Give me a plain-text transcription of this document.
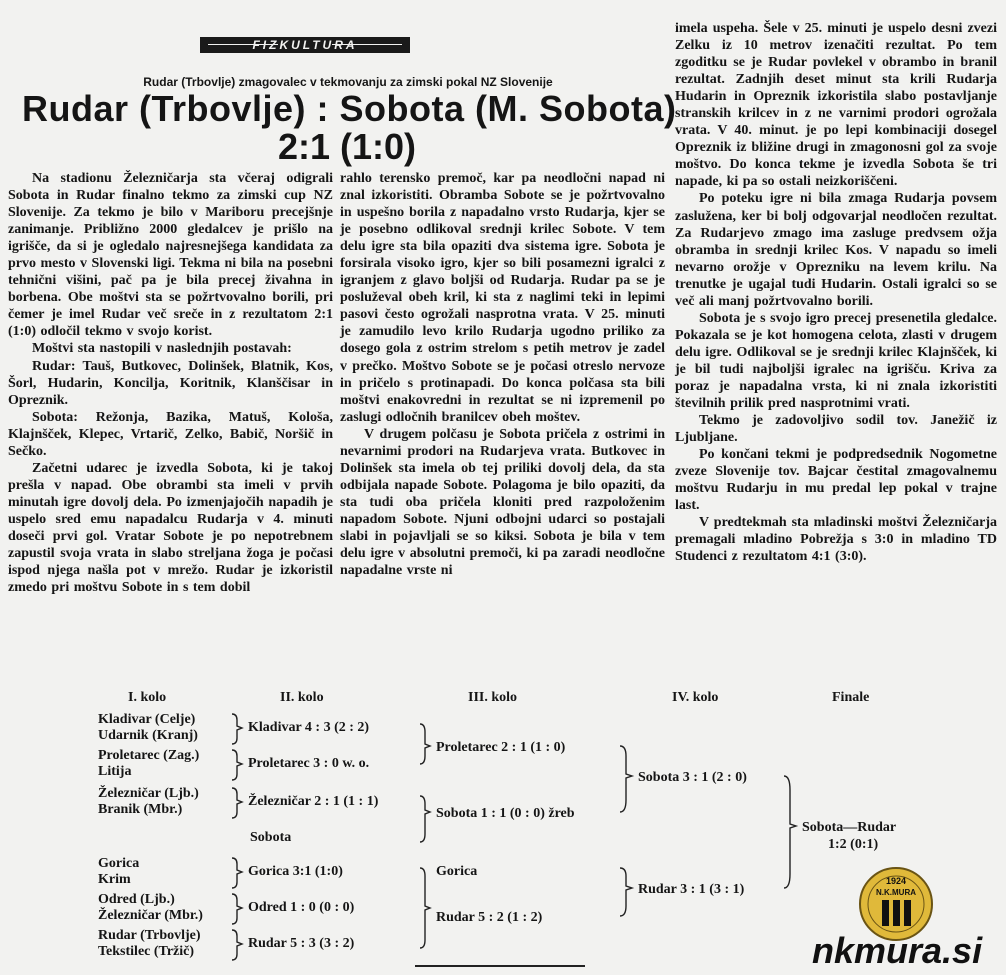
FIZKULTURA
Rudar (Trbovlje) zmagovalec v tekmovanju za zimski pokal NZ Slovenije
Rudar (Trbovlje) : Sobota (M. Sobota)
2:1 (1:0)

Na stadionu Železničarja sta včeraj odigrali Sobota in Rudar finalno tekmo za zimski cup NZ Slovenije. Za tekmo je bilo v Mariboru precejšnje zanimanje. Približno 2000 gledalcev je prišlo na igrišče, da si je ogledalo najresnejšega kandidata za prvo mesto v Slovenski ligi. Tekma ni bila na posebni tehnični višini, pač pa je bila precej živahna in borbena. Obe moštvi sta se požrtvovalno borili, pri čemer je imel Rudar več sreče in z rezultatom 2:1 (1:0) odločil tekmo v svojo korist.

Moštvi sta nastopili v naslednjih postavah:

Rudar: Tauš, Butkovec, Dolinšek, Blatnik, Kos, Šorl, Hudarin, Koncilja, Koritnik, Klanščisar in Opreznik.

Sobota: Režonja, Bazika, Matuš, Kološa, Klajnšček, Klepec, Vrtarič, Zelko, Babič, Noršič in Sečko.

Začetni udarec je izvedla Sobota, ki je takoj prešla v napad. Obe obrambi sta imeli v prvih minutah igre dovolj dela. Po izmenjajočih napadih je uspelo sred emu napadalcu Rudarja v 4. minuti doseči prvi gol. Vratar Sobote je po nepotrebnem zapustil svoja vrata in slabo streljana žoga je počasi ispod njega našla pot v mrežo. Rudar je izkoristil zmedo pri moštvu Sobote in s tem dobil

rahlo terensko premoč, kar pa neodločni napad ni znal izkoristiti. Obramba Sobote se je požrtvovalno in uspešno borila z napadalno vrsto Rudarja, kjer se je posebno odlikoval srednji krilec Sobote. V tem delu igre sta bila opaziti dva sistema igre. Sobota je forsirala visoko igro, kjer so bili posamezni igralci z igranjem z glavo boljši od Rudarja. Rudar pa se je posluževal obeh kril, ki sta z naglimi teki in lepimi pasovi često ogrožali nasprotna vrata. V 25. minuti je zamudilo levo krilo Rudarja ugodno priliko za dosego gola z ostrim strelom s petih metrov je zadel v prečko. Moštvo Sobote se je počasi otreslo nervoze in pričelo s protinapadi. Do konca polčasa sta bili moštvi enakovredni in rezultat se ni izpremenil po zaslugi odločnih branilcev obeh moštev.

V drugem polčasu je Sobota pričela z ostrimi in nevarnimi prodori na Rudarjeva vrata. Butkovec in Dolinšek sta imela ob tej priliki dovolj dela, da sta odbijala napade Sobote. Polagoma je bilo opaziti, da sta tudi oba pričela kloniti pred razpoloženim napadom Sobote. Njuni odbojni udarci so postajali slabi in pojavljali se so kiksi. Sobota je bila v tem delu igre v absolutni premoči, ki pa zaradi neodločne napadalne vrste ni

imela uspeha. Šele v 25. minuti je uspelo desni zvezi Zelku iz 10 metrov izenačiti rezultat. Po tem zgoditku se je Rudar povlekel v obrambo in branil rezultat. Zadnjih deset minut sta krili Rudarja Hudarin in Opreznik izkoristila slabo postavljanje stranskih krilcev in z ne varnimi prodori ogrožala vrata. V 40. minut. je po lepi kombinaciji dosegel Opreznik iz bližine drugi in zmagonosni gol za svoje moštvo. Do konca tekme je izvedla Sobota še tri napade, ki pa so ostali neizkoriščeni.

Po poteku igre ni bila zmaga Rudarja povsem zaslužena, ker bi bolj odgovarjal neodločen rezultat. Za Rudarjevo zmago ima zasluge predvsem ožja obramba in srednji krilec Kos. V napadu so imeli nevarno orožje v Oprezniku na levem krilu. Na trenutke je ugajal tudi Hudarin. Ostali igralci so se več ali manj požrtvovalno borili.

Sobota je s svojo igro precej presenetila gledalce. Pokazala se je kot homogena celota, zlasti v drugem delu igre. Odlikoval se je srednji krilec Klajnšček, ki je bil tudi najboljši igralec na igrišču. Kriva za poraz je napadalna vrsta, ki ni znala izkoristiti številnih prilik pred nasprotnimi vrati.

Tekmo je zadovoljivo sodil tov. Janežič iz Ljubljane.

Po končani tekmi je podpredsednik Nogometne zveze Slovenije tov. Bajcar čestital zmagovalnemu moštvu Rudarju in mu predal lep pokal v trajne last.

V predtekmah sta mladinski moštvi Železničarja premagali mladino Pobrežja s 3:0 in mladino TD Studenci z rezultatom 4:1 (3:0).

I. kolo	II. kolo	III. kolo	IV. kolo	Finale
Kladivar (Celje)
Udarnik (Kranj)
Proletarec (Zag.)
Litija
Železničar (Ljb.)
Branik (Mbr.)
Gorica
Krim
Odred (Ljb.)
Železničar (Mbr.)
Rudar (Trbovlje)
Tekstilec (Tržič)
Kladivar 4 : 3 (2 : 2)
Proletarec 3 : 0 w. o.
Železničar 2 : 1 (1 : 1)
Sobota
Gorica 3:1 (1:0)
Odred 1 : 0 (0 : 0)
Rudar 5 : 3 (3 : 2)
Proletarec 2 : 1 (1 : 0)
Sobota 1 : 1 (0 : 0) žreb
Gorica
Rudar 5 : 2 (1 : 2)
Sobota 3 : 1 (2 : 0)
Rudar 3 : 1 (3 : 1)
Sobota—Rudar
1:2 (0:1)
1924
N.K.MURA
nkmura.si
